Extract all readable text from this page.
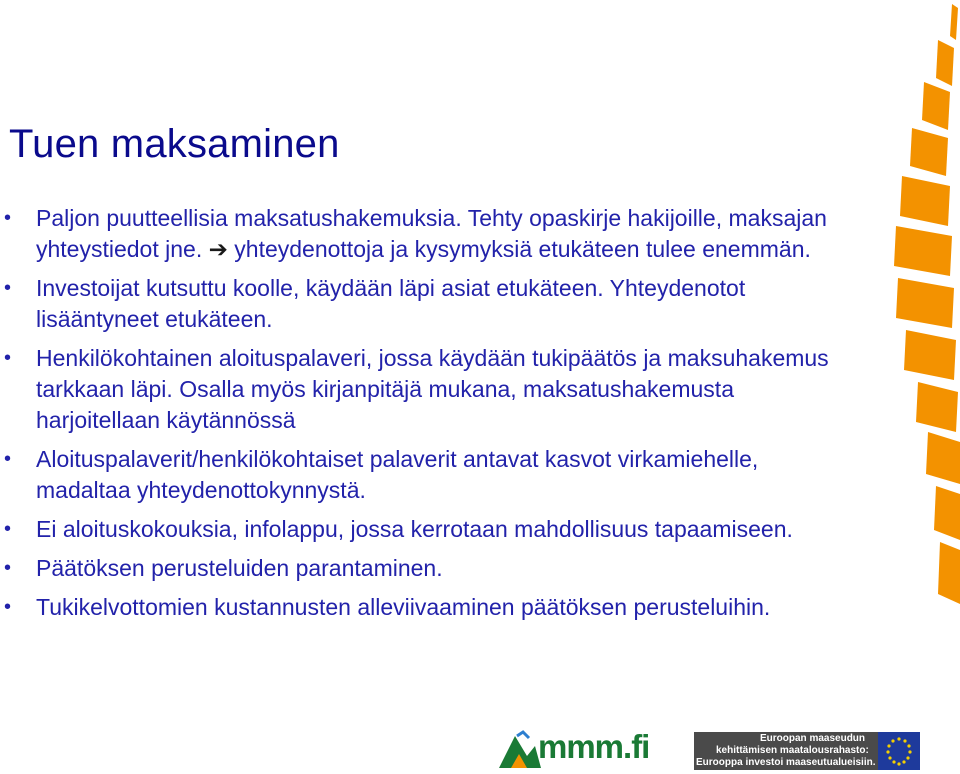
Tuen maksaminen
• Paljon puutteellisia maksatushakemuksia. Tehty opaskirje hakijoille, maksajan yhteystiedot jne. ➔ yhteydenottoja ja kysymyksiä etukäteen tulee enemmän.
• Investoijat kutsuttu koolle, käydään läpi asiat etukäteen. Yhteydenotot lisääntyneet etukäteen.
• Henkilökohtainen aloituspalaveri, jossa käydään tukipäätös ja maksuhakemus tarkkaan läpi. Osalla myös kirjanpitäjä mukana, maksatushakemusta harjoitellaan käytännössä
• Aloituspalaverit/henkilökohtaiset palaverit antavat kasvot virkamiehelle, madaltaa yhteydenottokynnystä.
• Ei aloituskokouksia, infolappu, jossa kerrotaan mahdollisuus tapaamiseen.
• Päätöksen perusteluiden parantaminen.
• Tukikelvottomien kustannusten alleviivaaminen päätöksen perusteluihin.
mmm.fi	Euroopan maaseudun
kehittämisen maatalousrahasto:
Eurooppa investoi maaseutualueisiin.
